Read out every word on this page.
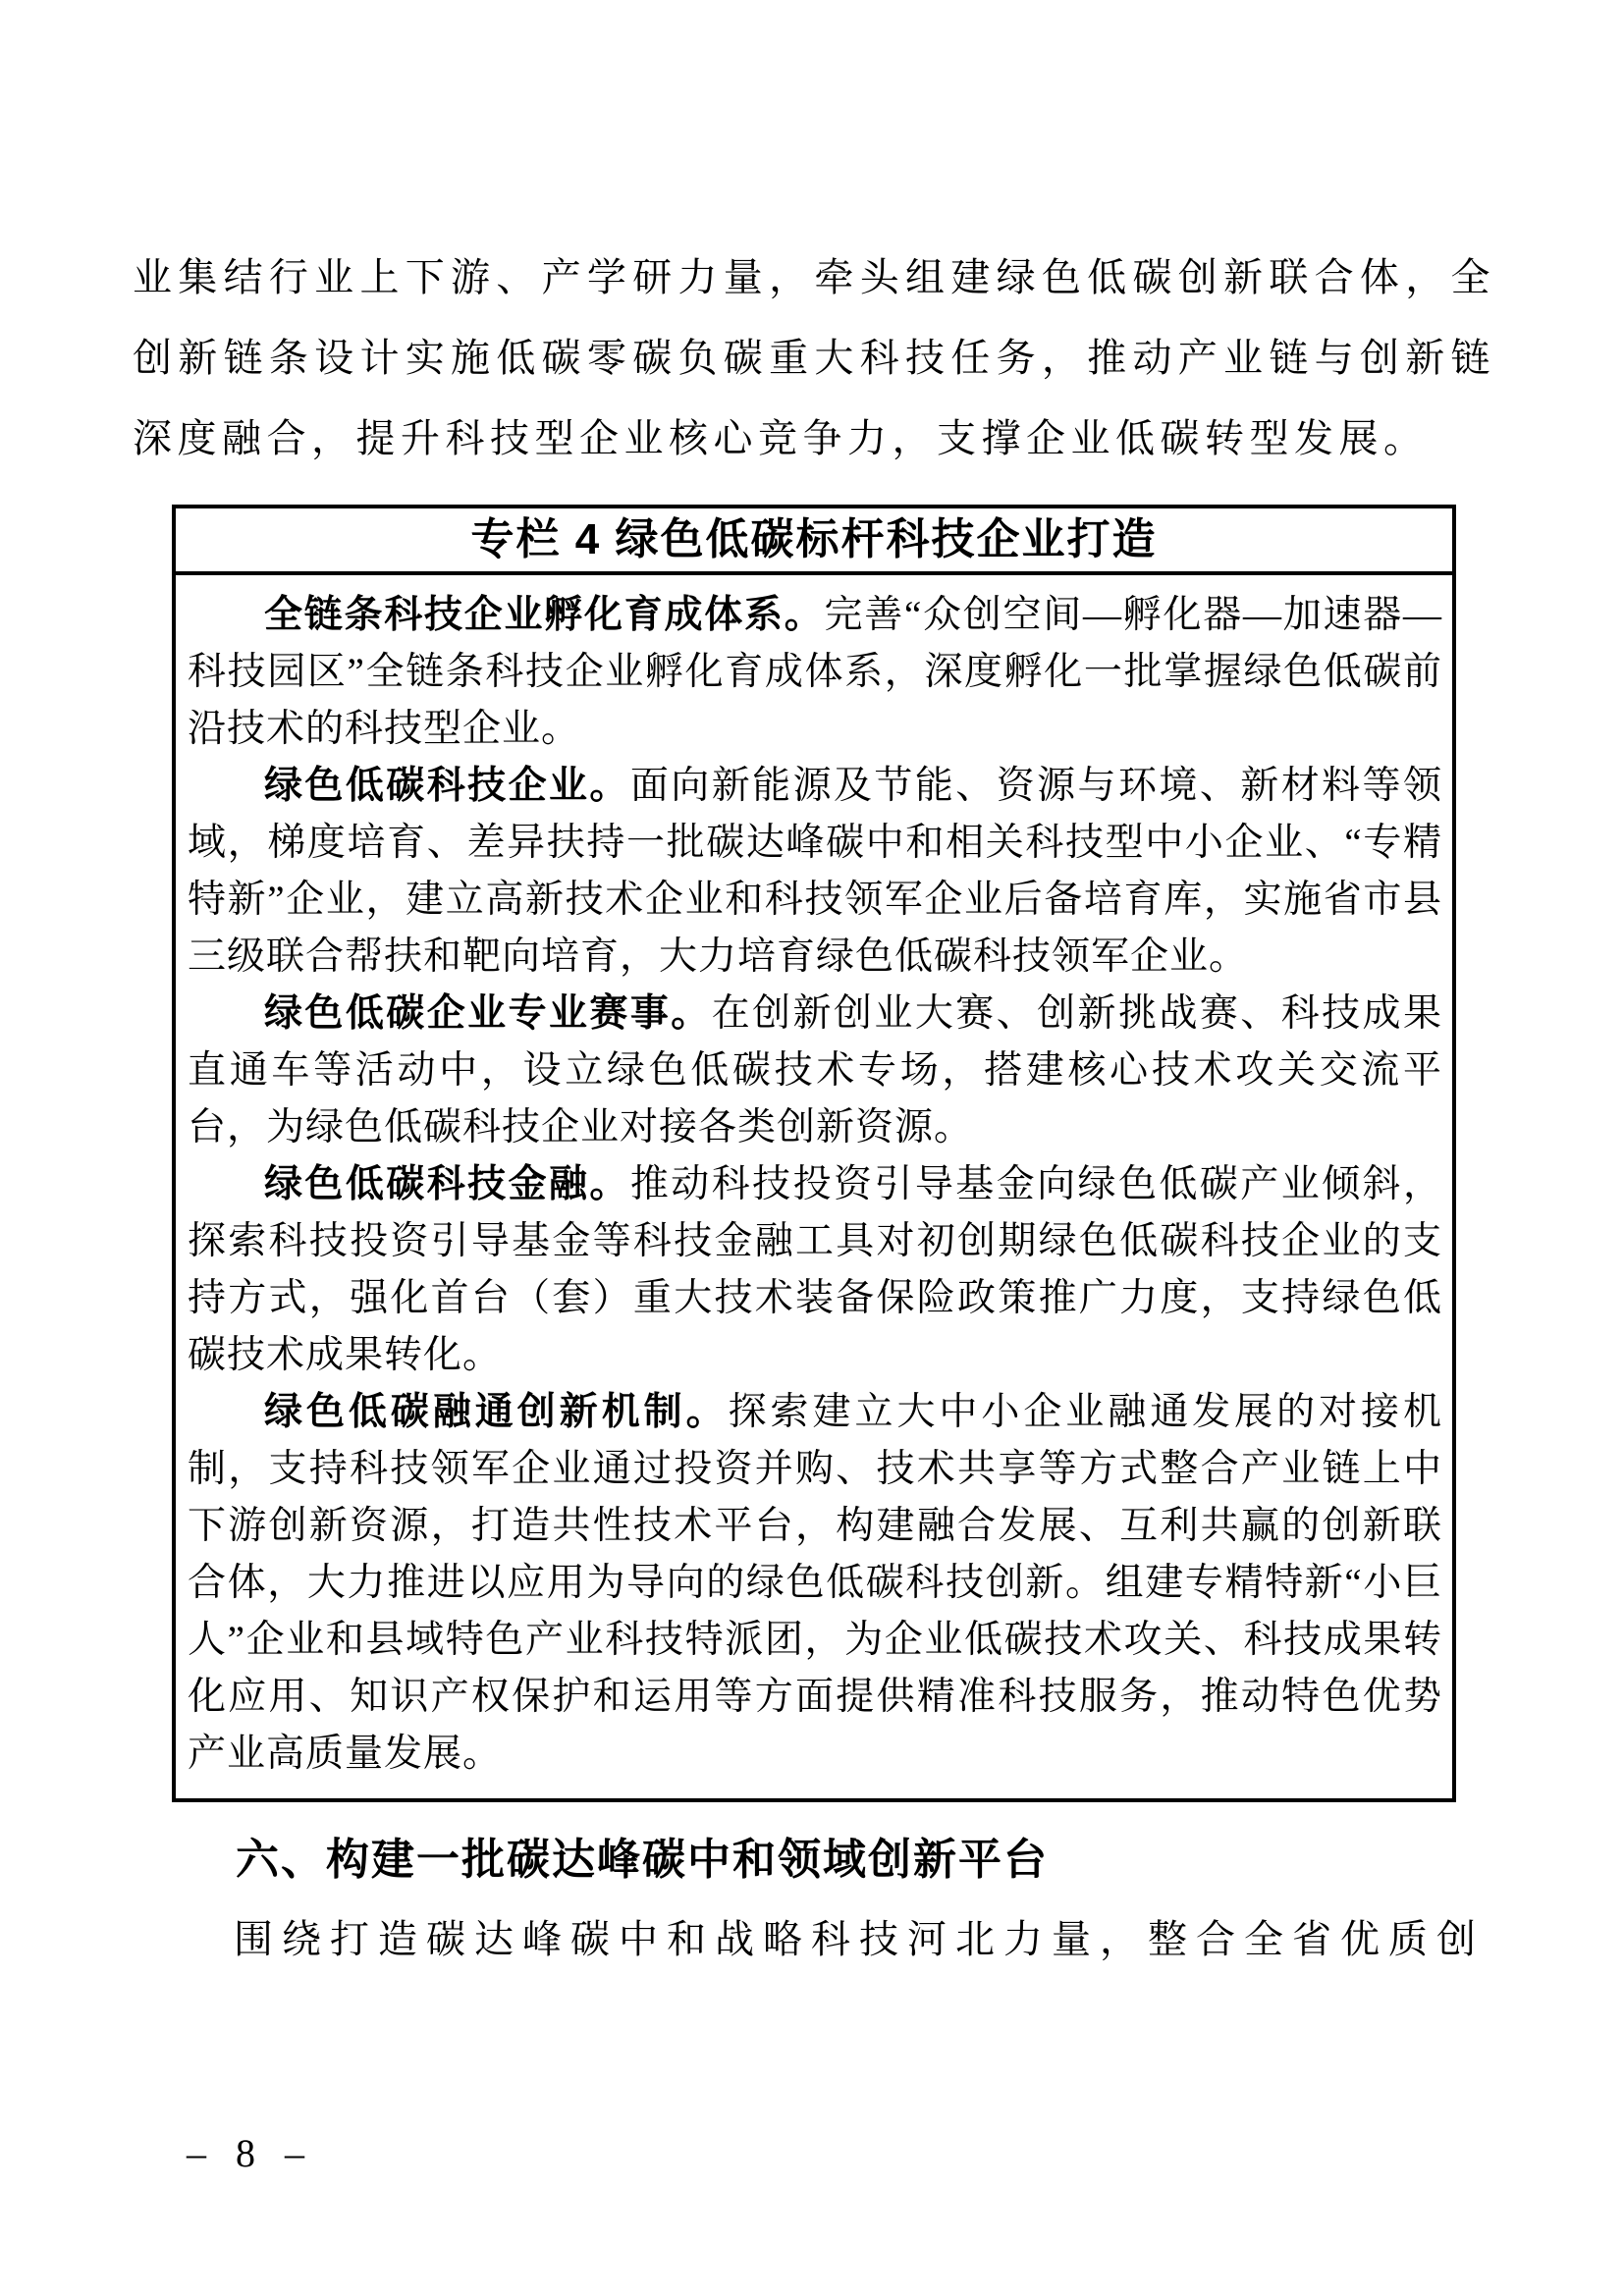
业集结行业上下游、产学研力量，牵头组建绿色低碳创新联合体，全创新链条设计实施低碳零碳负碳重大科技任务，推动产业链与创新链深度融合，提升科技型企业核心竞争力，支撑企业低碳转型发展。

专栏 4 绿色低碳标杆科技企业打造

全链条科技企业孵化育成体系。完善“众创空间—孵化器—加速器—科技园区”全链条科技企业孵化育成体系，深度孵化一批掌握绿色低碳前沿技术的科技型企业。

绿色低碳科技企业。面向新能源及节能、资源与环境、新材料等领域，梯度培育、差异扶持一批碳达峰碳中和相关科技型中小企业、“专精特新”企业，建立高新技术企业和科技领军企业后备培育库，实施省市县三级联合帮扶和靶向培育，大力培育绿色低碳科技领军企业。

绿色低碳企业专业赛事。在创新创业大赛、创新挑战赛、科技成果直通车等活动中，设立绿色低碳技术专场，搭建核心技术攻关交流平台，为绿色低碳科技企业对接各类创新资源。

绿色低碳科技金融。推动科技投资引导基金向绿色低碳产业倾斜，探索科技投资引导基金等科技金融工具对初创期绿色低碳科技企业的支持方式，强化首台（套）重大技术装备保险政策推广力度，支持绿色低碳技术成果转化。

绿色低碳融通创新机制。探索建立大中小企业融通发展的对接机制，支持科技领军企业通过投资并购、技术共享等方式整合产业链上中下游创新资源，打造共性技术平台，构建融合发展、互利共赢的创新联合体，大力推进以应用为导向的绿色低碳科技创新。组建专精特新“小巨人”企业和县域特色产业科技特派团，为企业低碳技术攻关、科技成果转化应用、知识产权保护和运用等方面提供精准科技服务，推动特色优势产业高质量发展。

六、构建一批碳达峰碳中和领域创新平台

围绕打造碳达峰碳中和战略科技河北力量，整合全省优质创

– 8 –
